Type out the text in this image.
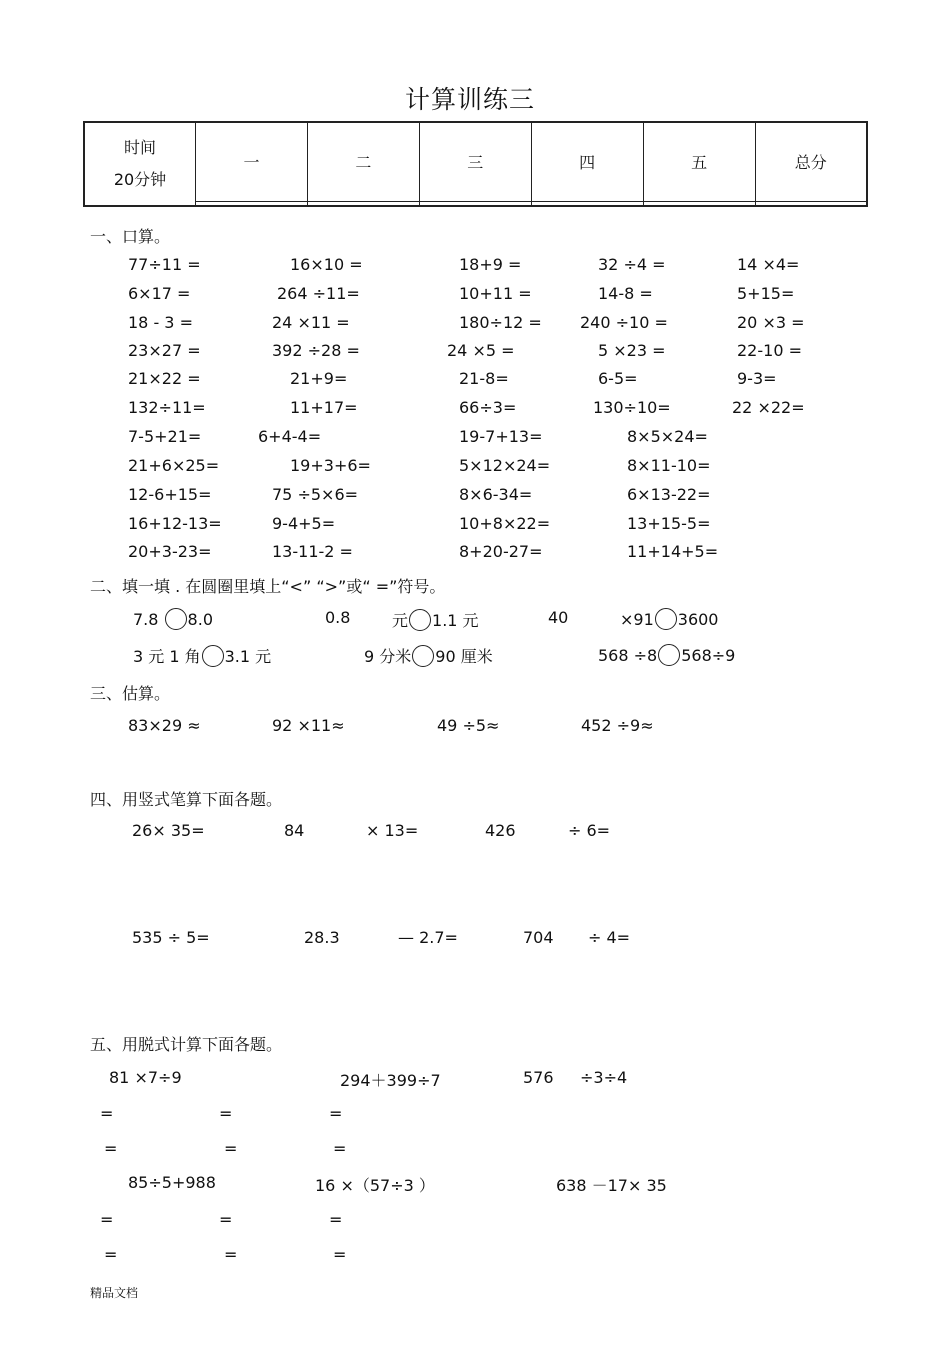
计算训练三
时间
20分钟	一	二	三	四	五	总分

一、口算。
77÷11 =	16×10 =	18+9 =	32 ÷4 =	14 ×4=
6×17 =	264 ÷11=	10+11 =	14-8 =	5+15=
18 - 3 =	24 ×11 =	180÷12 = 240 ÷10 =	20 ×3 =
23×27 =	392 ÷28 =	24 ×5 =	5 ×23 =	22-10 =
21×22 =	21+9=	21-8=	6-5=	9-3=
132÷11=	11+17=	66÷3=	130÷10=	22 ×22=
7-5+21=	6+4-4=	19-7+13=	8×5×24=
21+6×25=	19+3+6=	5×12×24=	8×11-10=
12-6+15=	75 ÷5×6=	8×6-34=	6×13-22=
16+12-13=	9-4+5=	10+8×22=	13+15-5=
20+3-23=	13-11-2 =	8+20-27=	11+14+5=
二、填一填 . 在圆圈里填上“<” “>”或“ =”符号。
7.8 8.0	0.8	元 1.1 元	40	×91 3600
3 元 1 角 3.1 元	9 分米 90 厘米	568 ÷8 568÷9
三、估算。
83×29 ≈	92 ×11≈	49 ÷5≈	452 ÷9≈
四、用竖式笔算下面各题。
26× 35=	84	× 13=	426	÷ 6=
535 ÷ 5=	28.3	— 2.7=	704 ÷ 4=
五、用脱式计算下面各题。
81 ×7÷9	294＋399÷7	576 ÷3÷4
=	=	=
=	=	=
85÷5+988	16 ×（57÷3 ）	638 －17× 35
=	=	=
=	=	=
精品文档
